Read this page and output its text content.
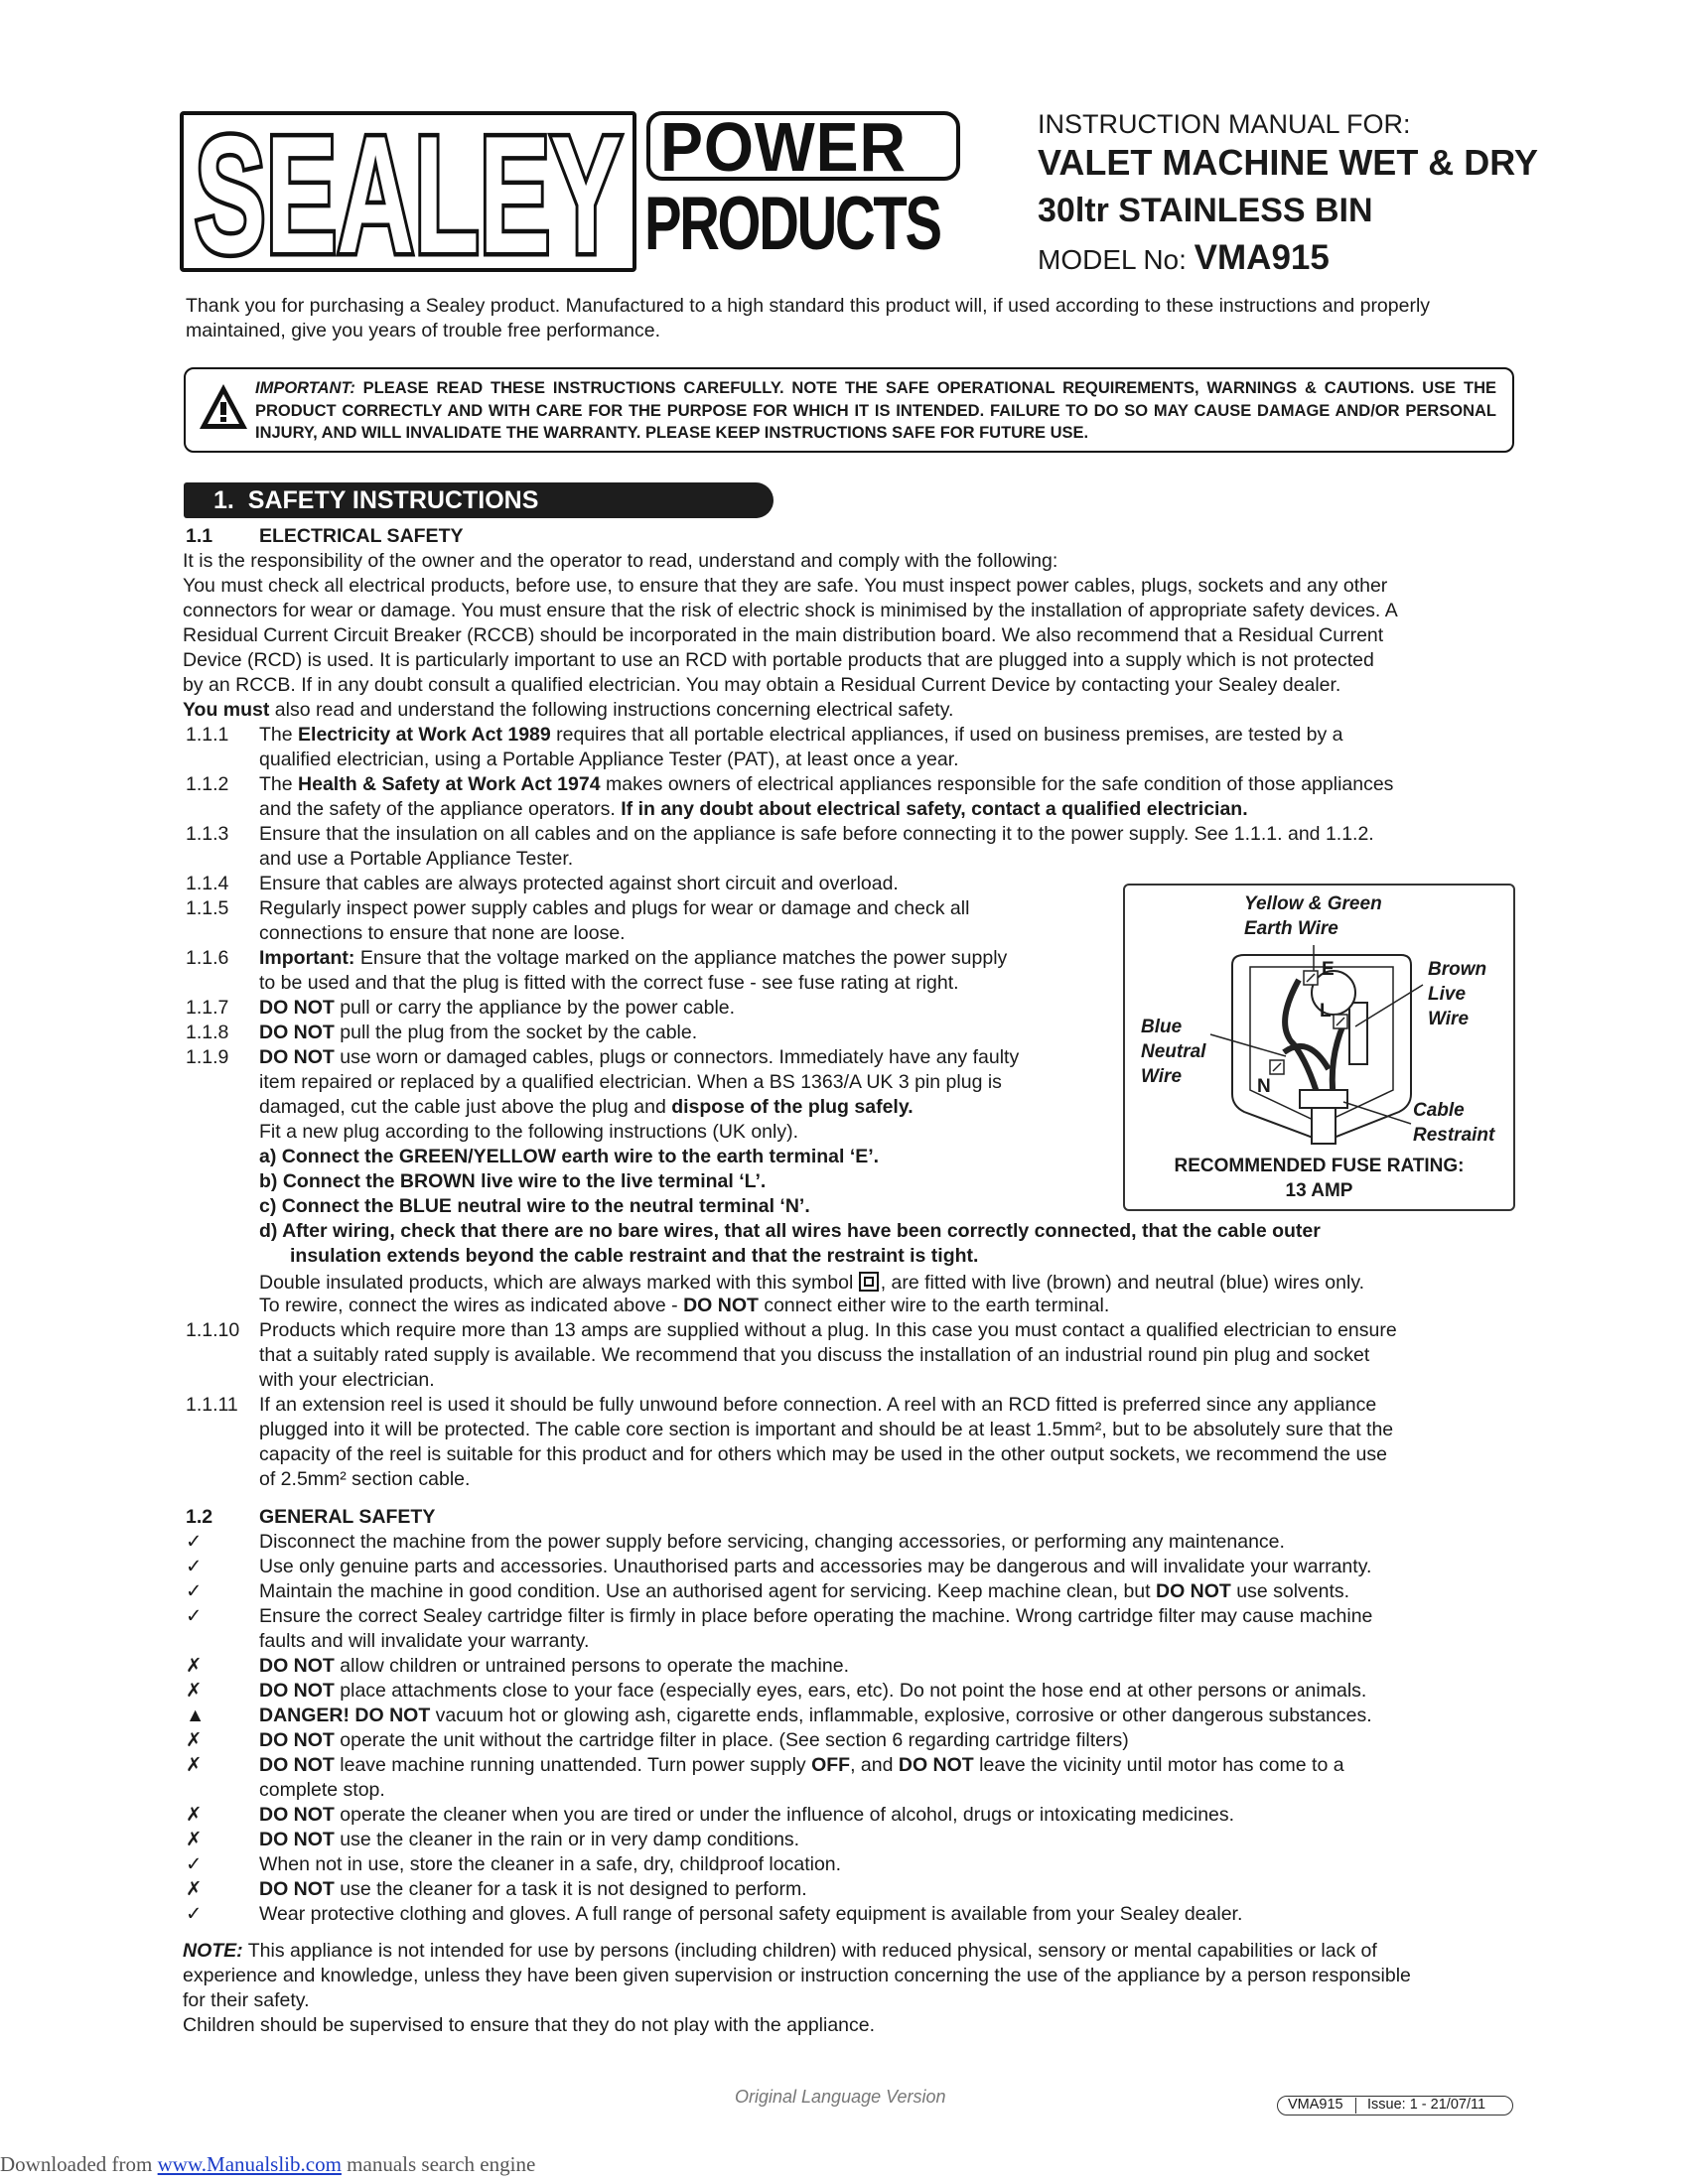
SEALEY POWER
PRODUCTS
INSTRUCTION MANUAL FOR:
VALET MACHINE WET & DRY
30ltr STAINLESS BIN
MODEL No: VMA915
Thank you for purchasing a Sealey product. Manufactured to a high standard this product will, if used according to these instructions and properly maintained, give you years of trouble free performance.
IMPORTANT: PLEASE READ THESE INSTRUCTIONS CAREFULLY. NOTE THE SAFE OPERATIONAL REQUIREMENTS, WARNINGS & CAUTIONS. USE THE PRODUCT CORRECTLY AND WITH CARE FOR THE PURPOSE FOR WHICH IT IS INTENDED. FAILURE TO DO SO MAY CAUSE DAMAGE AND/OR PERSONAL INJURY, AND WILL INVALIDATE THE WARRANTY. PLEASE KEEP INSTRUCTIONS SAFE FOR FUTURE USE.
1. SAFETY INSTRUCTIONS
1.1 ELECTRICAL SAFETY
It is the responsibility of the owner and the operator to read, understand and comply with the following:
You must check all electrical products, before use, to ensure that they are safe. You must inspect power cables, plugs, sockets and any other
connectors for wear or damage. You must ensure that the risk of electric shock is minimised by the installation of appropriate safety devices. A
Residual Current Circuit Breaker (RCCB) should be incorporated in the main distribution board. We also recommend that a Residual Current
Device (RCD) is used. It is particularly important to use an RCD with portable products that are plugged into a supply which is not protected
by an RCCB. If in any doubt consult a qualified electrician. You may obtain a Residual Current Device by contacting your Sealey dealer.
You must also read and understand the following instructions concerning electrical safety.
1.1.1 The Electricity at Work Act 1989 requires that all portable electrical appliances, if used on business premises, are tested by a
qualified electrician, using a Portable Appliance Tester (PAT), at least once a year.
1.1.2 The Health & Safety at Work Act 1974 makes owners of electrical appliances responsible for the safe condition of those appliances
and the safety of the appliance operators. If in any doubt about electrical safety, contact a qualified electrician.
1.1.3 Ensure that the insulation on all cables and on the appliance is safe before connecting it to the power supply. See 1.1.1. and 1.1.2.
and use a Portable Appliance Tester.
1.1.4 Ensure that cables are always protected against short circuit and overload.
1.1.5 Regularly inspect power supply cables and plugs for wear or damage and check all
connections to ensure that none are loose.
1.1.6 Important: Ensure that the voltage marked on the appliance matches the power supply
to be used and that the plug is fitted with the correct fuse - see fuse rating at right.
1.1.7 DO NOT pull or carry the appliance by the power cable.
1.1.8 DO NOT pull the plug from the socket by the cable.
1.1.9 DO NOT use worn or damaged cables, plugs or connectors. Immediately have any faulty
item repaired or replaced by a qualified electrician. When a BS 1363/A UK 3 pin plug is
damaged, cut the cable just above the plug and dispose of the plug safely.
Fit a new plug according to the following instructions (UK only).
a) Connect the GREEN/YELLOW earth wire to the earth terminal ‘E’.
b) Connect the BROWN live wire to the live terminal ‘L’.
c) Connect the BLUE neutral wire to the neutral terminal ‘N’.
d) After wiring, check that there are no bare wires, that all wires have been correctly connected, that the cable outer
insulation extends beyond the cable restraint and that the restraint is tight.
Double insulated products, which are always marked with this symbol
, are fitted with live (brown) and neutral (blue) wires only.
To rewire, connect the wires as indicated above - DO NOT connect either wire to the earth terminal.
1.1.10 Products which require more than 13 amps are supplied without a plug. In this case you must contact a qualified electrician to ensure
that a suitably rated supply is available. We recommend that you discuss the installation of an industrial round pin plug and socket
with your electrician.
1.1.11 If an extension reel is used it should be fully unwound before connection. A reel with an RCD fitted is preferred since any appliance
plugged into it will be protected. The cable core section is important and should be at least 1.5mm², but to be absolutely sure that the
capacity of the reel is suitable for this product and for others which may be used in the other output sockets, we recommend the use
of 2.5mm² section cable.
Yellow & Green
Earth Wire
Brown
Live
Wire
Blue
Neutral
Wire
Cable
Restraint
E
L
N
RECOMMENDED FUSE RATING:
13 AMP
1.2 GENERAL SAFETY
✓	Disconnect the machine from the power supply before servicing, changing accessories, or performing any maintenance.
✓	Use only genuine parts and accessories. Unauthorised parts and accessories may be dangerous and will invalidate your warranty.
✓	Maintain the machine in good condition. Use an authorised agent for servicing. Keep machine clean, but DO NOT use solvents.
✓	Ensure the correct Sealey cartridge filter is firmly in place before operating the machine. Wrong cartridge filter may cause machine
faults and will invalidate your warranty.
✗	DO NOT allow children or untrained persons to operate the machine.
✗	DO NOT place attachments close to your face (especially eyes, ears, etc). Do not point the hose end at other persons or animals.
▲	DANGER! DO NOT vacuum hot or glowing ash, cigarette ends, inflammable, explosive, corrosive or other dangerous substances.
✗	DO NOT operate the unit without the cartridge filter in place. (See section 6 regarding cartridge filters)
✗	DO NOT leave machine running unattended. Turn power supply OFF, and DO NOT leave the vicinity until motor has come to a
complete stop.
✗	DO NOT operate the cleaner when you are tired or under the influence of alcohol, drugs or intoxicating medicines.
✗	DO NOT use the cleaner in the rain or in very damp conditions.
✓	When not in use, store the cleaner in a safe, dry, childproof location.
✗	DO NOT use the cleaner for a task it is not designed to perform.
✓	Wear protective clothing and gloves. A full range of personal safety equipment is available from your Sealey dealer.
NOTE: This appliance is not intended for use by persons (including children) with reduced physical, sensory or mental capabilities or lack of
experience and knowledge, unless they have been given supervision or instruction concerning the use of the appliance by a person responsible
for their safety.
Children should be supervised to ensure that they do not play with the appliance.
Original Language Version	VMA915 Issue: 1 - 21/07/11
Downloaded from www.Manualslib.com manuals search engine
